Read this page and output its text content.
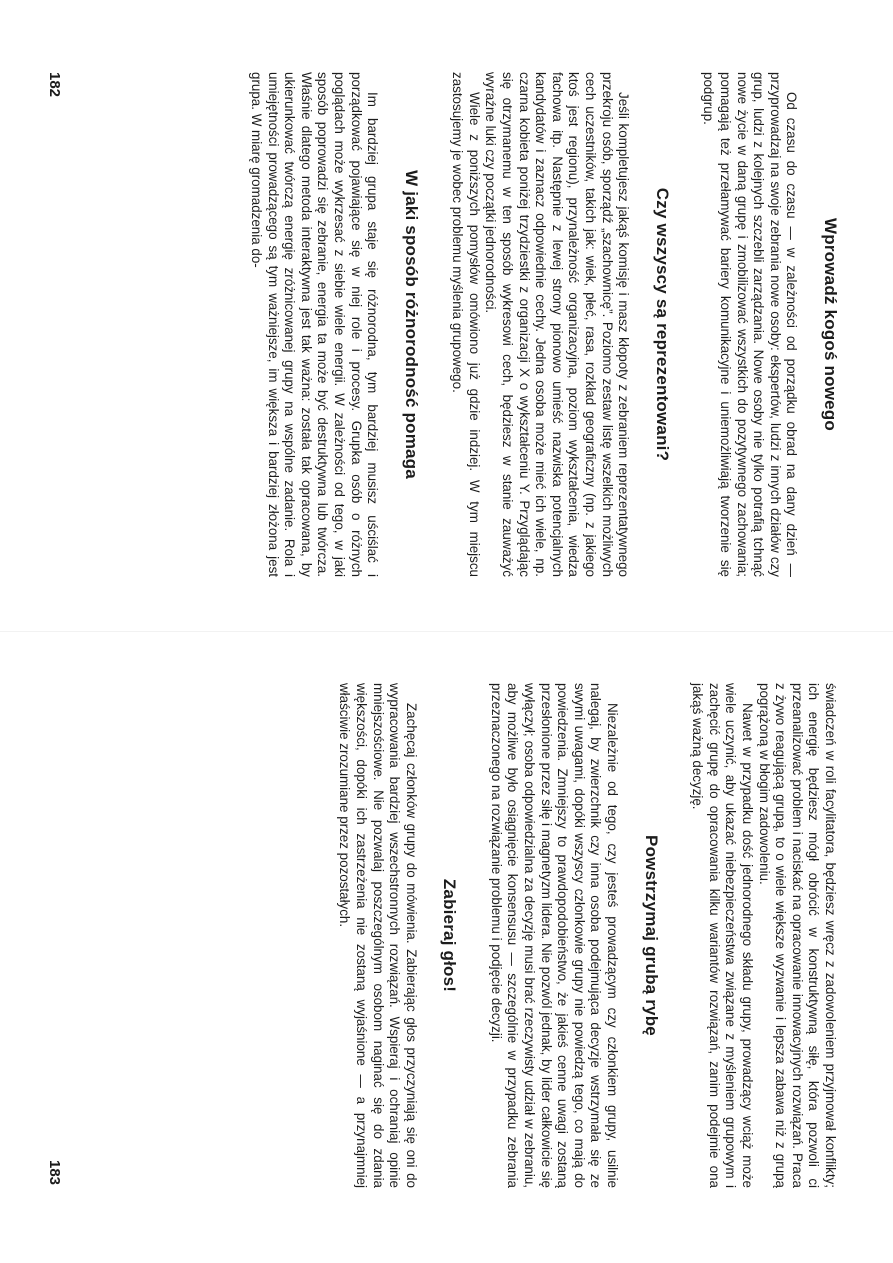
Wprowadź kogoś nowego

Od czasu do czasu — w zależności od porządku obrad na dany dzień — przyprowadzaj na swoje zebrania nowe osoby: ekspertów, ludzi z innych działów czy grup, ludzi z kolejnych szczebli zarządzania. Nowe osoby nie tylko potrafią tchnąć nowe życie w daną grupę i zmobilizować wszystkich do pozytywnego zachowania; pomagają też przełamywać bariery komunikacyjne i uniemożliwiają tworzenie się podgrup.

Czy wszyscy są reprezentowani?

Jeśli kompletujesz jakąś komisję i masz kłopoty z zebraniem reprezentatywnego przekroju osób, sporządź „szachownicę”. Poziomo zestaw listę wszelkich możliwych cech uczestników, takich jak: wiek, płeć, rasa, rozkład geograficzny (np. z jakiego ktoś jest regionu), przynależność organizacyjna, poziom wykształcenia, wiedza fachowa itp. Następnie z lewej strony pionowo umieść nazwiska potencjalnych kandydatów i zaznacz odpowiednie cechy. Jedna osoba może mieć ich wiele, np. czarna kobieta poniżej trzydziestki z organizacji X o wykształceniu Y. Przyglądając się otrzymanemu w ten sposób wykresowi cech, będziesz w stanie zauważyć wyraźne luki czy początki jednorodności.

Wiele z poniższych pomysłów omówiono już gdzie indziej. W tym miejscu zastosujemy je wobec problemu myślenia grupowego.

W jaki sposób różnorodność pomaga

Im bardziej grupa staje się różnorodna, tym bardziej musisz uściślać i porządkować pojawiające się w niej role i procesy. Grupka osób o różnych poglądach może wykrzesać z siebie wiele energii. W zależności od tego, w jaki sposób poprowadzi się zebranie, energia ta może być destruktywna lub twórcza. Właśnie dlatego metoda interaktywna jest tak ważna: została tak opracowana, by ukierunkować twórczą energię zróżnicowanej grupy na wspólne zadanie. Rola i umiejętności prowadzącego są tym ważniejsze, im większa i bardziej złożona jest grupa. W miarę gromadzenia do-

182

świadczeń w roli facylitatora, będziesz wręcz z zadowoleniem przyjmował konflikty; ich energię będziesz mógł obrócić w konstruktywną siłę, która pozwoli ci przeanalizować problem i naciskać na opracowanie innowacyjnych rozwiązań. Praca z żywo reagującą grupą, to o wiele większe wyzwanie i lepsza zabawa niż z grupą pogrążoną w błogim zadowoleniu.

Nawet w przypadku dość jednorodnego składu grupy, prowadzący wciąż może wiele uczynić, aby ukazać niebezpieczeństwa związane z myśleniem grupowym i zachęcić grupę do opracowania kilku wariantów rozwiązań, zanim podejmie ona jakąś ważną decyzję.

Powstrzymaj grubą rybę

Niezależnie od tego, czy jesteś prowadzącym czy członkiem grupy, usilnie nalegaj, by zwierzchnik czy inna osoba podejmująca decyzje wstrzymała się ze swymi uwagami, dopóki wszyscy członkowie grupy nie powiedzą tego, co mają do powiedzenia. Zmniejszy to prawdopodobieństwo, że jakieś cenne uwagi zostaną przesłonione przez siłę i magnetyzm lidera. Nie pozwól jednak, by lider całkowicie się wyłączył; osoba odpowiedzialna za decyzję musi brać rzeczywisty udział w zebraniu, aby możliwe było osiągnięcie konsensusu — szczególnie w przypadku zebrania przeznaczonego na rozwiązanie problemu i podjęcie decyzji.

Zabieraj głos!

Zachęcaj członków grupy do mówienia. Zabierając głos przyczyniają się oni do wypracowania bardziej wszechstronnych rozwiązań. Wspieraj i ochraniaj opinie mniejszościowe. Nie pozwalaj poszczególnym osobom naginać się do zdania większości, dopóki ich zastrzeżenia nie zostaną wyjaśnione — a przynajmniej właściwie zrozumiane przez pozostałych.

183
